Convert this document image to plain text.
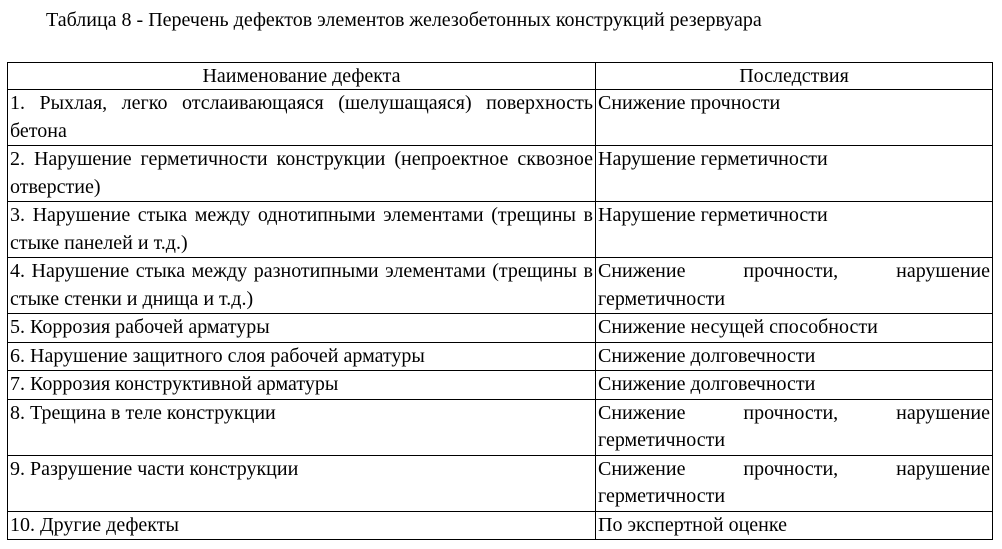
Таблица 8 - Перечень дефектов элементов железобетонных конструкций резервуара
Наименование дефекта	Последствия
1. Рыхлая, легко отслаивающаяся (шелушащаяся) поверхность бетона	Снижение прочности
2. Нарушение герметичности конструкции (непроектное сквозное отверстие)	Нарушение герметичности
3. Нарушение стыка между однотипными элементами (трещины в стыке панелей и т.д.)	Нарушение герметичности
4. Нарушение стыка между разнотипными элементами (трещины в стыке стенки и днища и т.д.)	Снижение прочности, нарушение герметичности
5. Коррозия рабочей арматуры	Снижение несущей способности
6. Нарушение защитного слоя рабочей арматуры	Снижение долговечности
7. Коррозия конструктивной арматуры	Снижение долговечности
8. Трещина в теле конструкции	Снижение прочности, нарушение герметичности
9. Разрушение части конструкции	Снижение прочности, нарушение герметичности
10. Другие дефекты	По экспертной оценке
